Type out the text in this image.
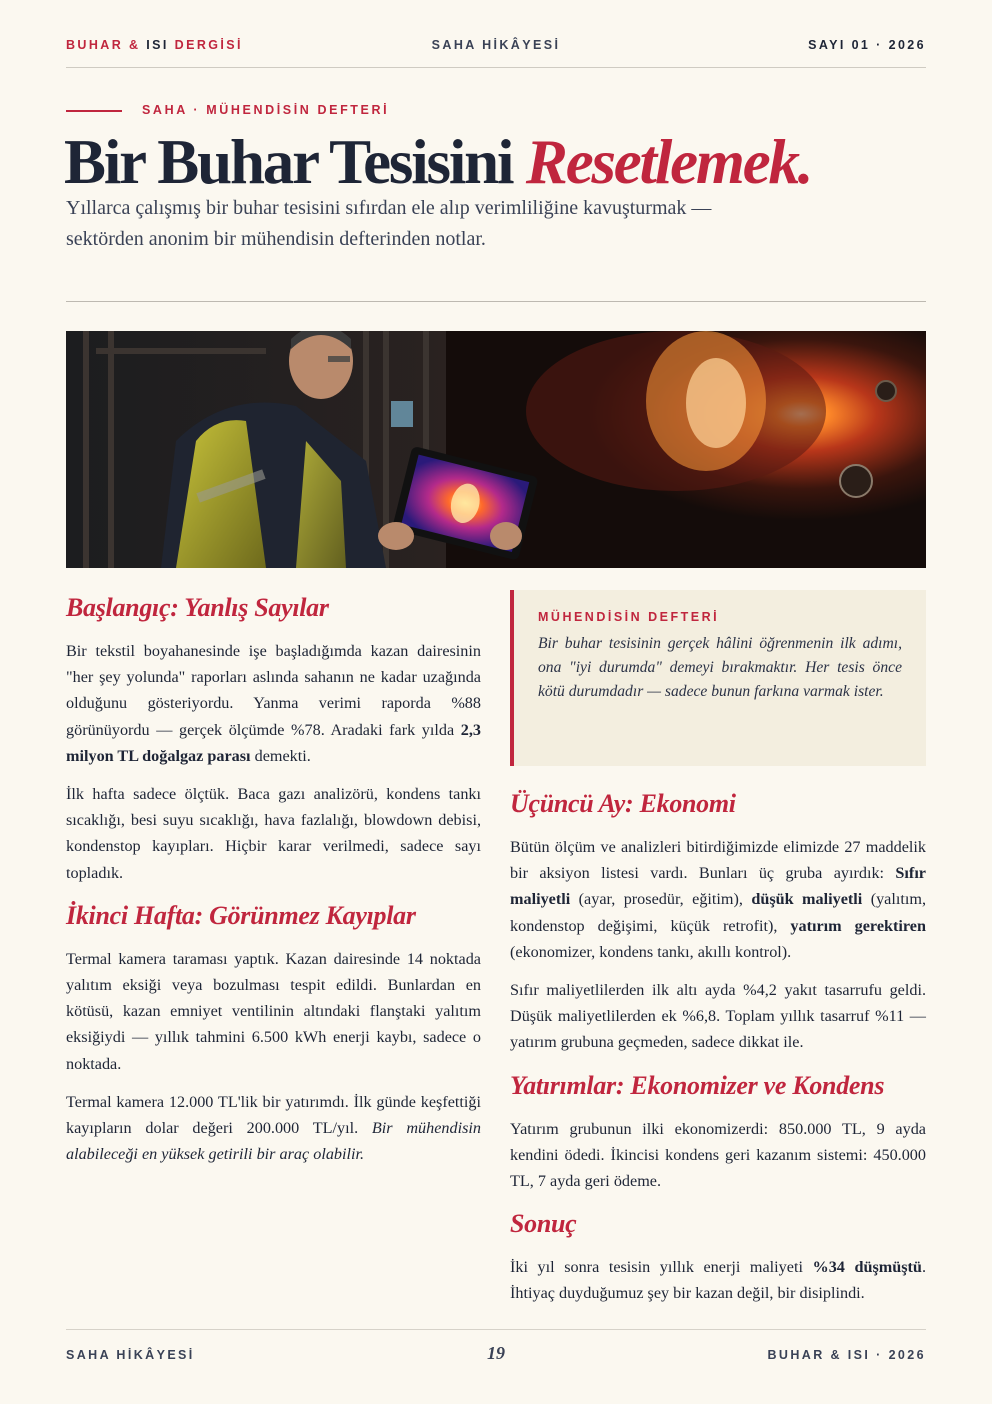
BUHAR & ISI DERGİSİ	SAHA HİKÂYESİ	SAYI 01 · 2026
SAHA · MÜHENDİSİN DEFTERİ
Bir Buhar Tesisini Resetlemek.

Yıllarca çalışmış bir buhar tesisini sıfırdan ele alıp verimliliğine kavuşturmak — sektörden anonim bir mühendisin defterinden notlar.

Başlangıç: Yanlış Sayılar

Bir tekstil boyahanesinde işe başladığımda kazan dairesinin "her şey yolunda" raporları aslında sahanın ne kadar uzağında olduğunu gösteriyordu. Yanma verimi raporda %88 görünüyordu — gerçek ölçümde %78. Aradaki fark yılda 2,3 milyon TL doğalgaz parası demekti.

İlk hafta sadece ölçtük. Baca gazı analizörü, kondens tankı sıcaklığı, besi suyu sıcaklığı, hava fazlalığı, blowdown debisi, kondenstop kayıpları. Hiçbir karar verilmedi, sadece sayı topladık.

İkinci Hafta: Görünmez Kayıplar

Termal kamera taraması yaptık. Kazan dairesinde 14 noktada yalıtım eksiği veya bozulması tespit edildi. Bunlardan en kötüsü, kazan emniyet ventilinin altındaki flanştaki yalıtım eksiğiydi — yıllık tahmini 6.500 kWh enerji kaybı, sadece o noktada.

Termal kamera 12.000 TL'lik bir yatırımdı. İlk günde keşfettiği kayıpların dolar değeri 200.000 TL/yıl. Bir mühendisin alabileceği en yüksek getirili bir araç olabilir.

MÜHENDİSİN DEFTERİ

Bir buhar tesisinin gerçek hâlini öğrenmenin ilk adımı, ona "iyi durumda" demeyi bırakmaktır. Her tesis önce kötü durumdadır — sadece bunun farkına varmak ister.

Üçüncü Ay: Ekonomi

Bütün ölçüm ve analizleri bitirdiğimizde elimizde 27 maddelik bir aksiyon listesi vardı. Bunları üç gruba ayırdık: Sıfır maliyetli (ayar, prosedür, eğitim), düşük maliyetli (yalıtım, kondenstop değişimi, küçük retrofit), yatırım gerektiren (ekonomizer, kondens tankı, akıllı kontrol).

Sıfır maliyetlilerden ilk altı ayda %4,2 yakıt tasarrufu geldi. Düşük maliyetlilerden ek %6,8. Toplam yıllık tasarruf %11 — yatırım grubuna geçmeden, sadece dikkat ile.

Yatırımlar: Ekonomizer ve Kondens

Yatırım grubunun ilki ekonomizerdi: 850.000 TL, 9 ayda kendini ödedi. İkincisi kondens geri kazanım sistemi: 450.000 TL, 7 ayda geri ödeme.

Sonuç

İki yıl sonra tesisin yıllık enerji maliyeti %34 düşmüştü. İhtiyaç duyduğumuz şey bir kazan değil, bir disiplindi.

SAHA HİKÂYESİ	19	BUHAR & ISI · 2026
